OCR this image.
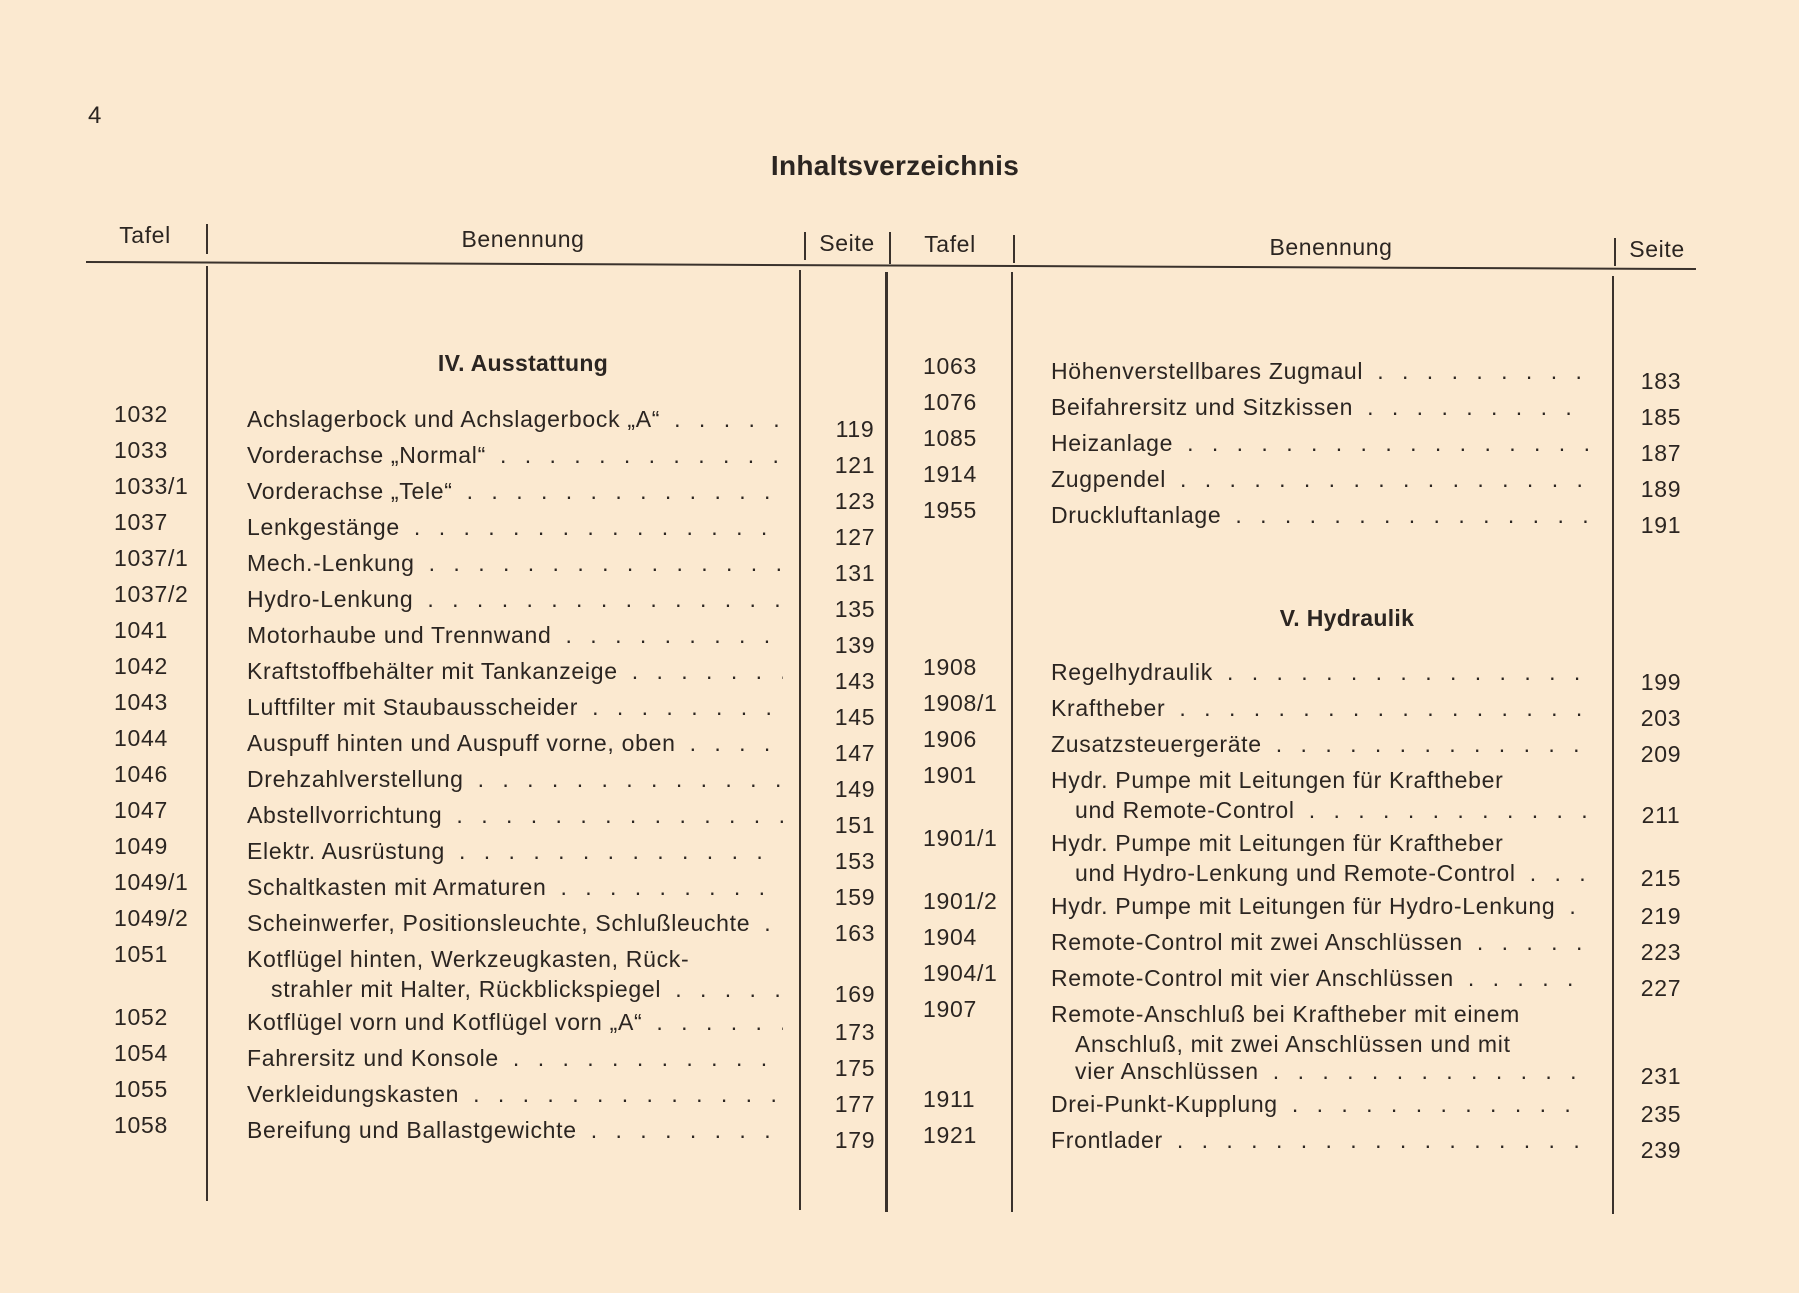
4
Inhaltsverzeichnis
Tafel	Benennung	Seite Tafel	Benennung	Seite
IV. Ausstattung
1032	Achslagerbock und Achslagerbock „A“ . . .	119
1033	Vorderachse „Normal“ . . .	121
1033/1	Vorderachse „Tele“ . . .	123
1037	Lenkgestänge . . .	127
1037/1	Mech.-Lenkung . . .	131
1037/2	Hydro-Lenkung . . .	135
1041	Motorhaube und Trennwand . . .	139
1042	Kraftstoffbehälter mit Tankanzeige . . .	143
1043	Luftfilter mit Staubausscheider . . .	145
1044	Auspuff hinten und Auspuff vorne, oben . . .	147
1046	Drehzahlverstellung . . .	149
1047	Abstellvorrichtung . . .	151
1049	Elektr. Ausrüstung . . .	153
1049/1	Schaltkasten mit Armaturen . . .	159
1049/2	Scheinwerfer, Positionsleuchte, Schlußleuchte . . .	163
1051	Kotflügel hinten, Werkzeugkasten, Rück-
strahler mit Halter, Rückblickspiegel . . .	169
1052	Kotflügel vorn und Kotflügel vorn „A“ . . .	173
1054	Fahrersitz und Konsole . . .	175
1055	Verkleidungskasten . . .	177
1058	Bereifung und Ballastgewichte . . .	179
1063	Höhenverstellbares Zugmaul . . .	183
1076	Beifahrersitz und Sitzkissen . . .	185
1085	Heizanlage . . .	187
1914	Zugpendel . . .	189
1955	Druckluftanlage . . .	191
V. Hydraulik
1908	Regelhydraulik . . .	199
1908/1	Kraftheber . . .	203
1906	Zusatzsteuergeräte . . .	209
1901	Hydr. Pumpe mit Leitungen für Kraftheber
und Remote-Control . . .	211
1901/1	Hydr. Pumpe mit Leitungen für Kraftheber
und Hydro-Lenkung und Remote-Control . . .	215
1901/2	Hydr. Pumpe mit Leitungen für Hydro-Lenkung . . .	219
1904	Remote-Control mit zwei Anschlüssen . . .	223
1904/1	Remote-Control mit vier Anschlüssen . . .	227
1907	Remote-Anschluß bei Kraftheber mit einem
Anschluß, mit zwei Anschlüssen und mit
vier Anschlüssen . . .	231
1911	Drei-Punkt-Kupplung . . .	235
1921	Frontlader . . .	239
